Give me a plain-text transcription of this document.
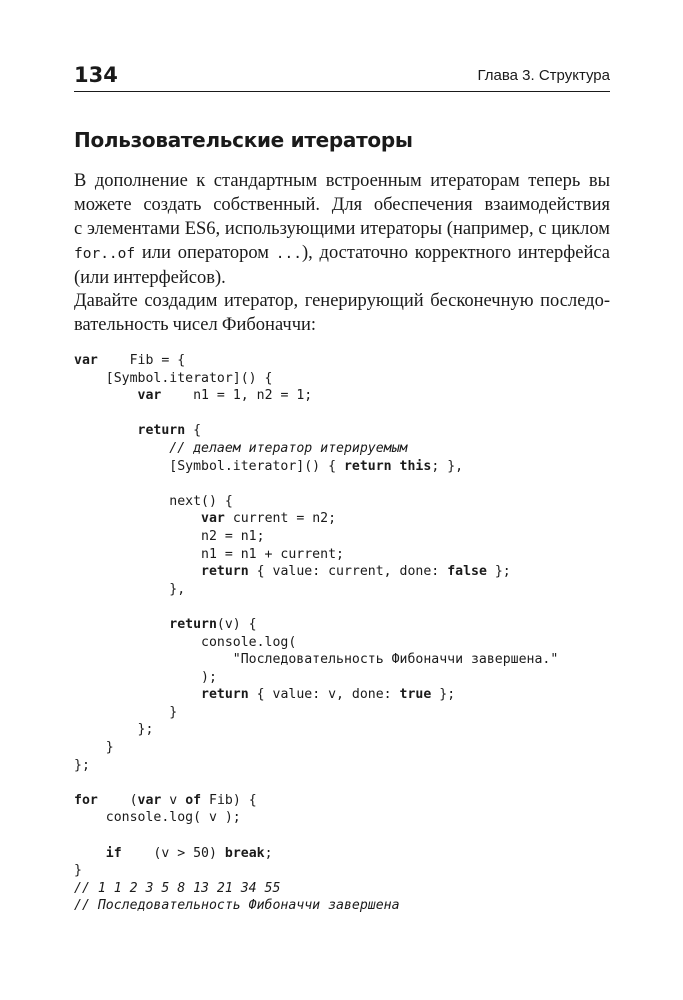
134	Глава 3. Структура
Пользовательские итераторы

В дополнение к стандартным встроенным итераторам теперь вы
можете создать собственный. Для обеспечения взаимодействия
с элементами ES6, использующими итераторы (например, с циклом
for..of или оператором ...), достаточно корректного интерфейса
(или интерфейсов).

Давайте создадим итератор, генерирующий бесконечную последо-
вательность чисел Фибоначчи:

var    Fib = {
[Symbol.iterator]() {
var    n1 = 1, n2 = 1;
return {
// делаем итератор итерируемым
[Symbol.iterator]() { return this; },
next() {
var current = n2;
n2 = n1;
n1 = n1 + current;
return { value: current, done: false };
},
return(v) {
console.log(
"Последовательность Фибоначчи завершена."
);
return { value: v, done: true };
}
};
}
};
for    (var v of Fib) {
console.log( v );
if    (v > 50) break;
}
// 1 1 2 3 5 8 13 21 34 55
// Последовательность Фибоначчи завершена
